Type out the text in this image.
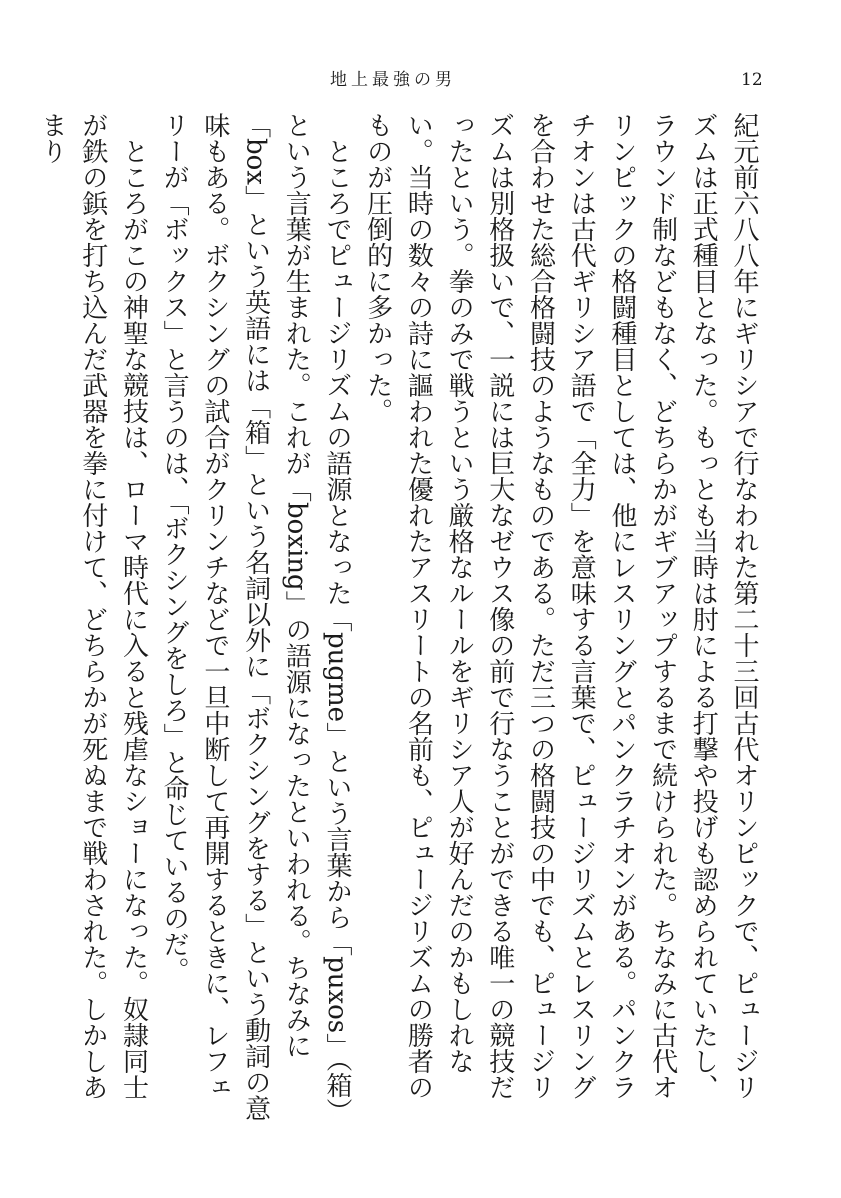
地上最強の男	12

紀元前六八八年にギリシアで行なわれた第二十三回古代オリンピックで、ピュージリズムは正式種目となった。もっとも当時は肘による打撃や投げも認められていたし、ラウンド制などもなく、どちらかがギブアップするまで続けられた。ちなみに古代オリンピックの格闘種目としては、他にレスリングとパンクラチオンがある。パンクラチオンは古代ギリシア語で「全力」を意味する言葉で、ピュージリズムとレスリングを合わせた総合格闘技のようなものである。ただ三つの格闘技の中でも、ピュージリズムは別格扱いで、一説には巨大なゼウス像の前で行なうことができる唯一の競技だったという。拳のみで戦うという厳格なルールをギリシア人が好んだのかもしれない。当時の数々の詩に謳われた優れたアスリートの名前も、ピュージリズムの勝者のものが圧倒的に多かった。

ところでピュージリズムの語源となった「pugme」という言葉から「puxos」（箱）という言葉が生まれた。これが「boxing」の語源になったといわれる。ちなみに「box」という英語には「箱」という名詞以外に「ボクシングをする」という動詞の意味もある。ボクシングの試合がクリンチなどで一旦中断して再開するときに、レフェリーが「ボックス」と言うのは、「ボクシングをしろ」と命じているのだ。

ところがこの神聖な競技は、ローマ時代に入ると残虐なショーになった。奴隷同士が鉄の鋲を打ち込んだ武器を拳に付けて、どちらかが死ぬまで戦わされた。しかしあまり
